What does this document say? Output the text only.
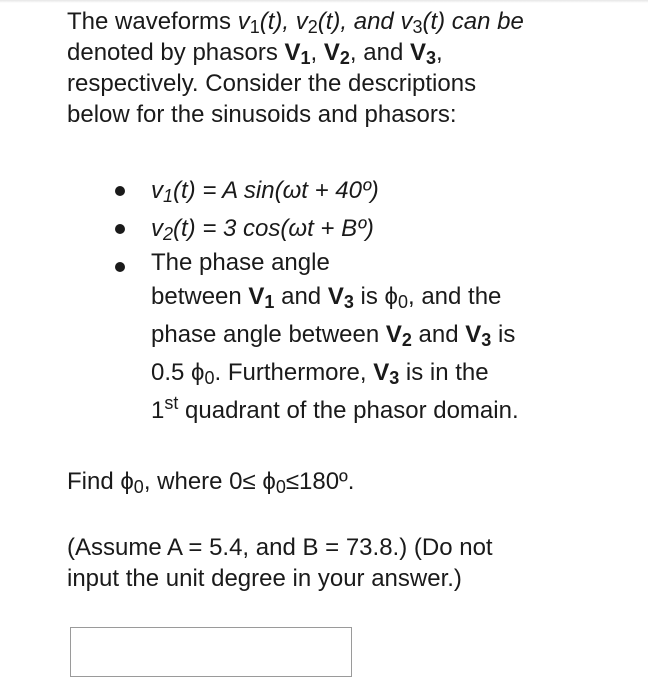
The waveforms $v_1(t)$, $v_2(t)$, and $v_3(t)$ can be
denoted by phasors $V_1$, $V_2$, and $V_3$,
respectively. Consider the descriptions
below for the sinusoids and phasors:
$v_1(t) = A$ sin(ωt + 40º)
$v_2(t) = 3$ cos(ωt + Bº)
The phase angle
between $V_1$ and $V_3$ is $\phi_0$, and the
phase angle between $V_2$ and $V_3$ is
0.5 $\phi_0$. Furthermore, $V_3$ is in the
1st quadrant of the phasor domain.
Find $\phi_0$, where $0\le \phi_0\le 180º$.
(Assume A = 5.4, and B = 73.8.) (Do not
input the unit degree in your answer.)
